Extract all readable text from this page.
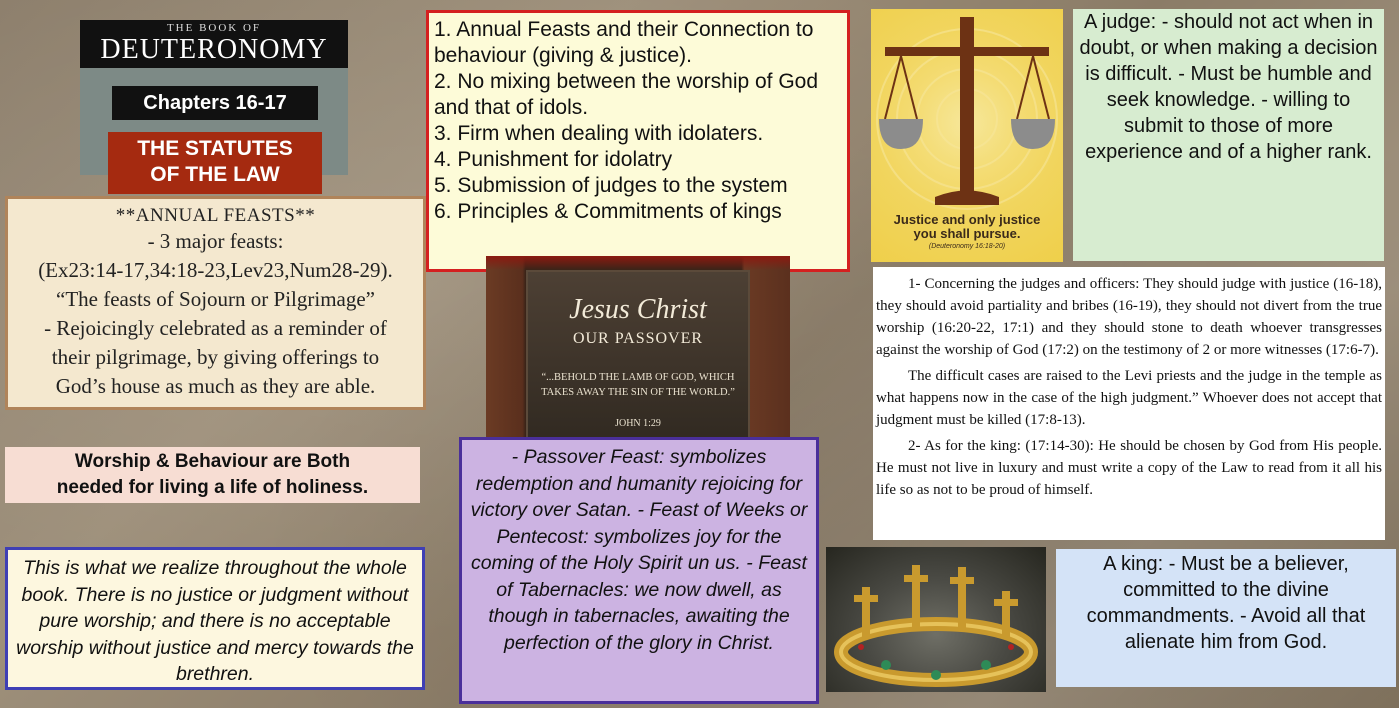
THE BOOK OF
DEUTERONOMY
Chapters 16-17
THE STATUTES
OF THE LAW
**ANNUAL FEASTS**
- 3 major feasts:
(Ex23:14-17,34:18-23,Lev23,Num28-29).
“The feasts of Sojourn or Pilgrimage”
- Rejoicingly celebrated as a reminder of
their pilgrimage, by giving offerings to
God’s house as much as they are able.
Worship & Behaviour are Both
needed for living a life of holiness.
This is what we realize throughout the whole book. There is no justice or judgment without pure worship; and there is no acceptable worship without justice and mercy towards the brethren.
1. Annual Feasts and their Connection to behaviour (giving & justice).
2. No mixing between the worship of God and that of idols.
3. Firm when dealing with idolaters.
4. Punishment for idolatry
5. Submission of judges to the system
6. Principles & Commitments of kings
Jesus Christ
OUR PASSOVER
“...BEHOLD THE LAMB OF GOD, WHICH TAKES AWAY THE SIN OF THE WORLD.”
JOHN 1:29
- Passover Feast: symbolizes redemption and humanity rejoicing for victory over Satan. - Feast of Weeks or Pentecost: symbolizes joy for the coming of the Holy Spirit un us. - Feast of Tabernacles: we now dwell, as though in tabernacles, awaiting the perfection of the glory in Christ.
Justice and only justice
you shall pursue.
(Deuteronomy 16:18-20)
A judge: - should not act when in doubt, or when making a decision is difficult. - Must be humble and seek knowledge. - willing to submit to those of more experience and of a higher rank.

1- Concerning the judges and officers: They should judge with justice (16-18), they should avoid partiality and bribes (16-19), they should not divert from the true worship (16:20-22, 17:1) and they should stone to death whoever transgresses against the worship of God (17:2) on the testimony of 2 or more witnesses (17:6-7).

The difficult cases are raised to the Levi priests and the judge in the temple as what happens now in the case of the high judgment.” Whoever does not accept that judgment must be killed (17:8-13).

2- As for the king: (17:14-30): He should be chosen by God from His people. He must not live in luxury and must write a copy of the Law to read from it all his life so as not to be proud of himself.

A king: - Must be a believer, committed to the divine commandments. - Avoid all that alienate him from God.
